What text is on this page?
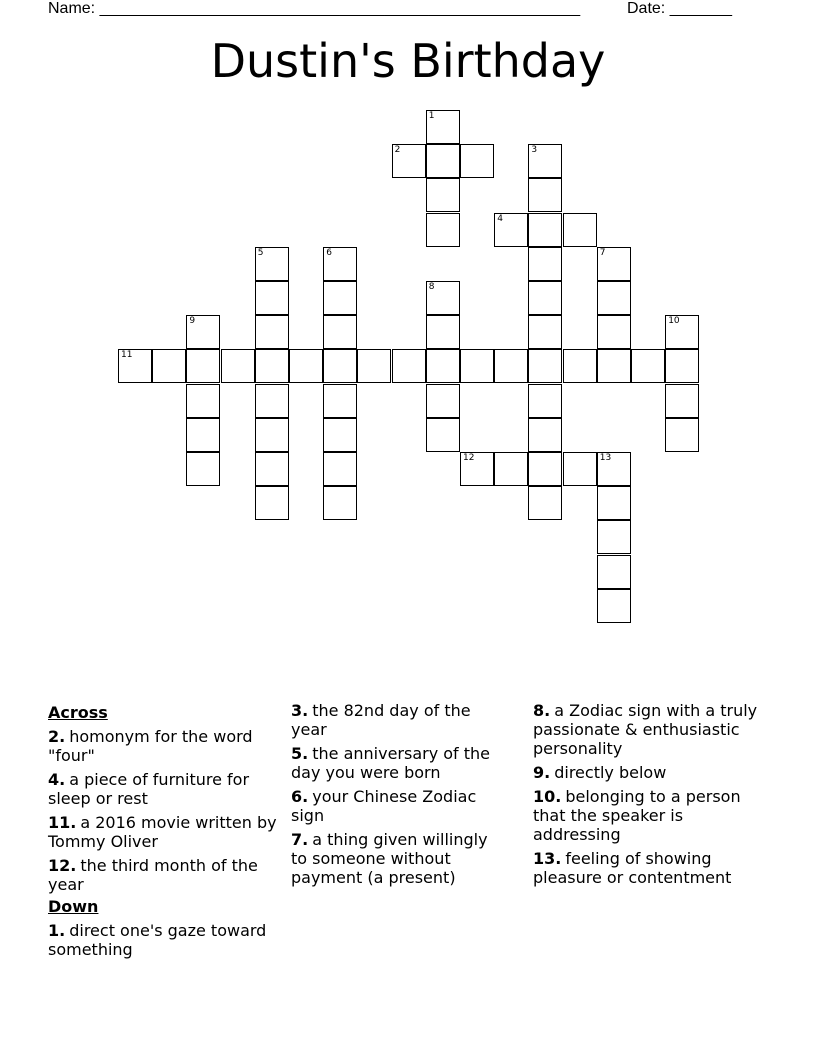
Name: ______________________________________________________	Date: _______
Dustin's Birthday
1
2	3
4
5	6	7
8
9	10
11
12	13
Across
2. homonym for the word "four"
4. a piece of furniture for sleep or rest
11. a 2016 movie written by Tommy Oliver
12. the third month of the year
Down
1. direct one's gaze toward something
3. the 82nd day of the year
5. the anniversary of the day you were born
6. your Chinese Zodiac sign
7. a thing given willingly to someone without payment (a present)
8. a Zodiac sign with a truly passionate & enthusiastic personality
9. directly below
10. belonging to a person that the speaker is addressing
13. feeling of showing pleasure or contentment
